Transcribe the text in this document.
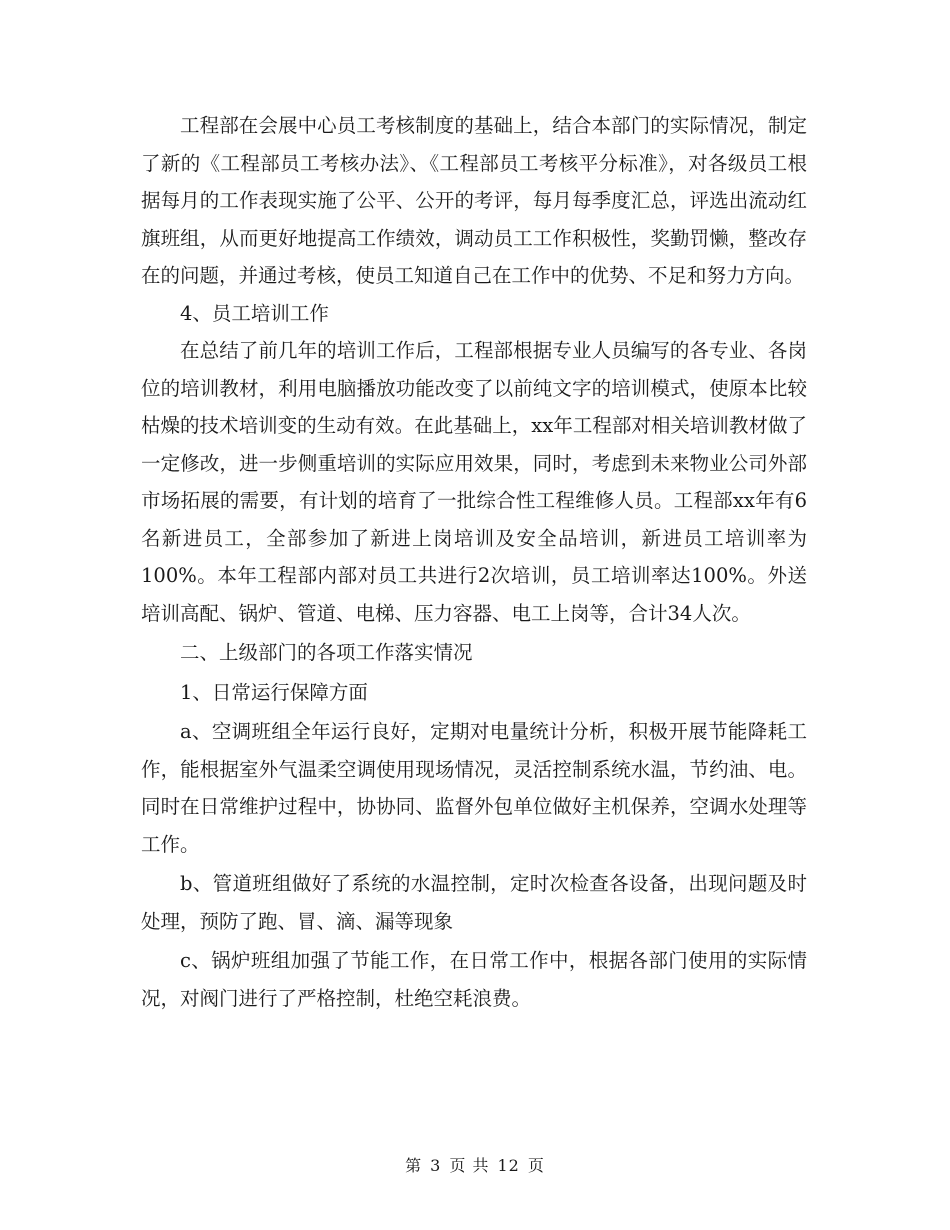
工程部在会展中心员工考核制度的基础上，结合本部门的实际情况，制定了新的《工程部员工考核办法》、《工程部员工考核平分标准》，对各级员工根据每月的工作表现实施了公平、公开的考评，每月每季度汇总，评选出流动红旗班组，从而更好地提高工作绩效，调动员工工作积极性，奖勤罚懒，整改存在的问题，并通过考核，使员工知道自己在工作中的优势、不足和努力方向。

4、员工培训工作

在总结了前几年的培训工作后，工程部根据专业人员编写的各专业、各岗位的培训教材，利用电脑播放功能改变了以前纯文字的培训模式，使原本比较枯燥的技术培训变的生动有效。在此基础上，xx年工程部对相关培训教材做了一定修改，进一步侧重培训的实际应用效果，同时，考虑到未来物业公司外部市场拓展的需要，有计划的培育了一批综合性工程维修人员。工程部xx年有6名新进员工，全部参加了新进上岗培训及安全品培训，新进员工培训率为100%。本年工程部内部对员工共进行2次培训，员工培训率达100%。外送培训高配、锅炉、管道、电梯、压力容器、电工上岗等，合计34人次。

二、上级部门的各项工作落实情况

1、日常运行保障方面

a、空调班组全年运行良好，定期对电量统计分析，积极开展节能降耗工作，能根据室外气温柔空调使用现场情况，灵活控制系统水温，节约油、电。同时在日常维护过程中，协协同、监督外包单位做好主机保养，空调水处理等工作。

b、管道班组做好了系统的水温控制，定时次检查各设备，出现问题及时处理，预防了跑、冒、滴、漏等现象

c、锅炉班组加强了节能工作，在日常工作中，根据各部门使用的实际情况，对阀门进行了严格控制，杜绝空耗浪费。

第 3 页 共 12 页
